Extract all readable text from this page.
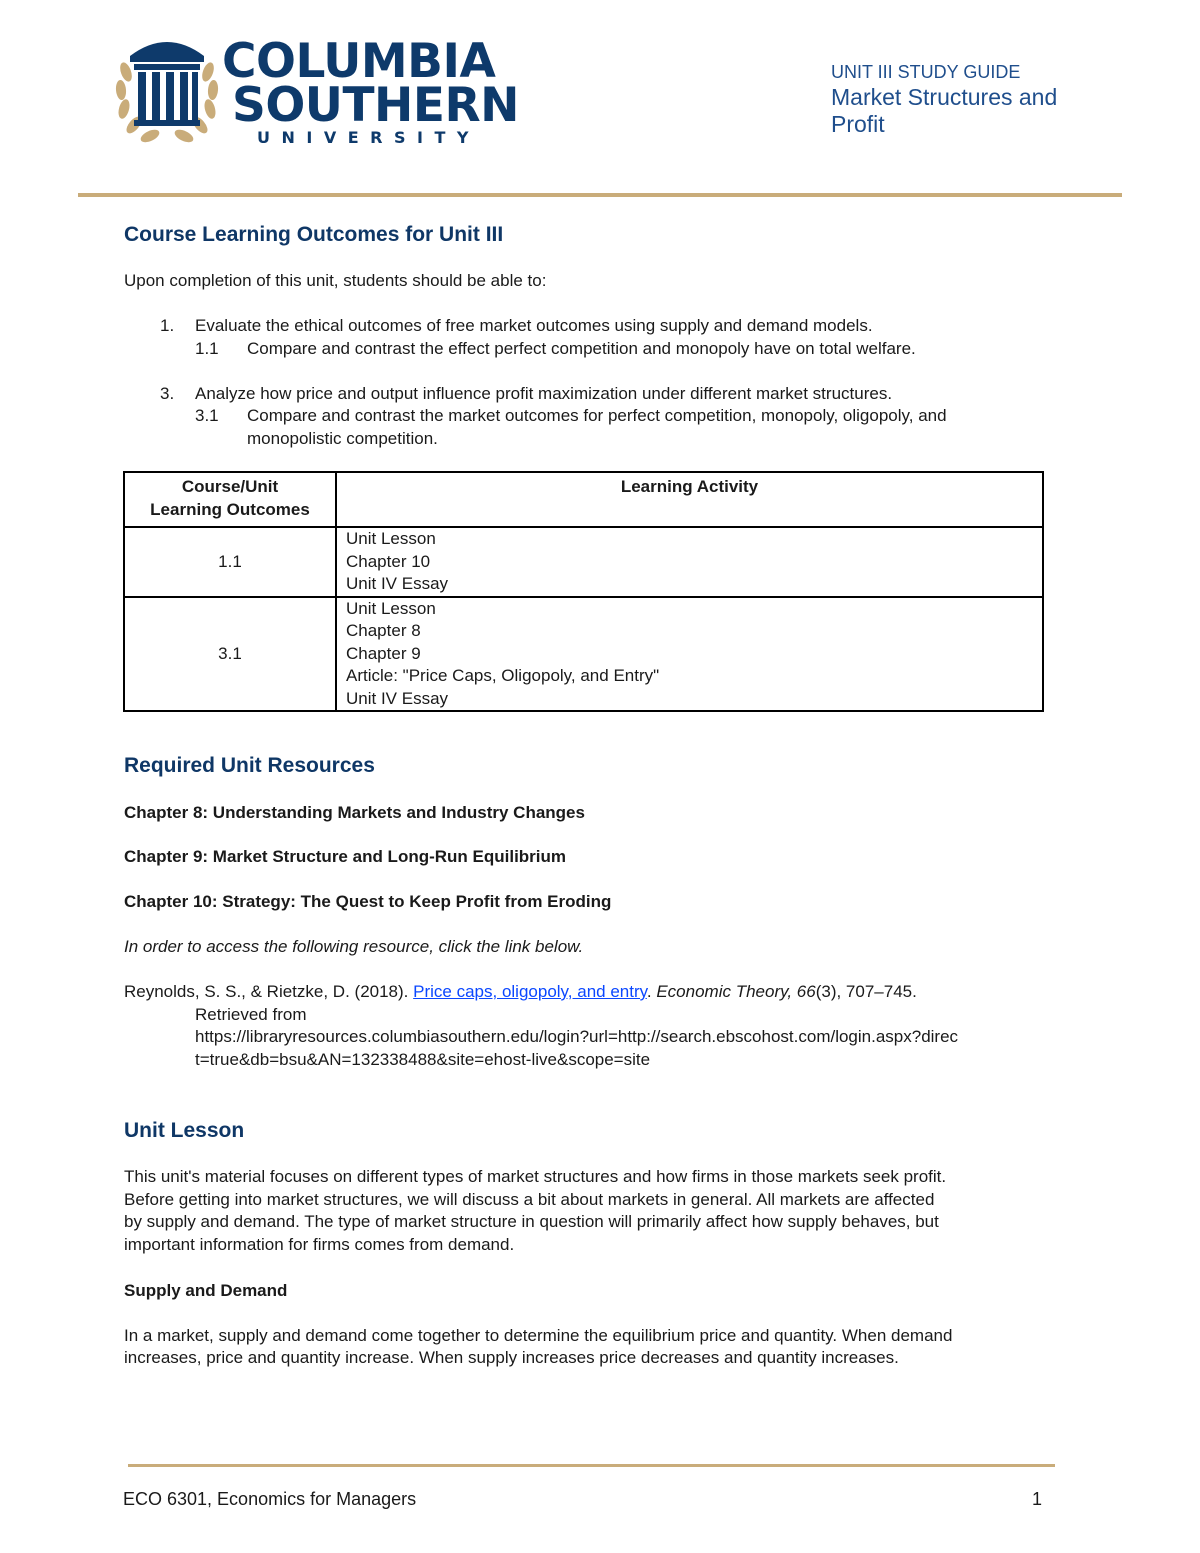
COLUMBIA
SOUTHERN
UNIVERSITY
UNIT III STUDY GUIDE
Market Structures and
Profit
Course Learning Outcomes for Unit III

Upon completion of this unit, students should be able to:

1. Evaluate the ethical outcomes of free market outcomes using supply and demand models.
1.1 Compare and contrast the effect perfect competition and monopoly have on total welfare.
3. Analyze how price and output influence profit maximization under different market structures.
3.1 Compare and contrast the market outcomes for perfect competition, monopoly, oligopoly, and
monopolistic competition.
Course/Unit
Learning Outcomes	Learning Activity
1.1	Unit Lesson
Chapter 10
Unit IV Essay

3.1	Unit Lesson
Chapter 8
Chapter 9
Article: "Price Caps, Oligopoly, and Entry"
Unit IV Essay
Required Unit Resources

Chapter 8: Understanding Markets and Industry Changes

Chapter 9: Market Structure and Long-Run Equilibrium

Chapter 10: Strategy: The Quest to Keep Profit from Eroding

In order to access the following resource, click the link below.

Reynolds, S. S., & Rietzke, D. (2018). Price caps, oligopoly, and entry. Economic Theory, 66(3), 707–745.

Retrieved from

https://libraryresources.columbiasouthern.edu/login?url=http://search.ebscohost.com/login.aspx?direc

t=true&db=bsu&AN=132338488&site=ehost-live&scope=site

Unit Lesson

This unit's material focuses on different types of market structures and how firms in those markets seek profit.

Before getting into market structures, we will discuss a bit about markets in general. All markets are affected

by supply and demand. The type of market structure in question will primarily affect how supply behaves, but

important information for firms comes from demand.

Supply and Demand

In a market, supply and demand come together to determine the equilibrium price and quantity. When demand

increases, price and quantity increase. When supply increases price decreases and quantity increases.

ECO 6301, Economics for Managers	1
